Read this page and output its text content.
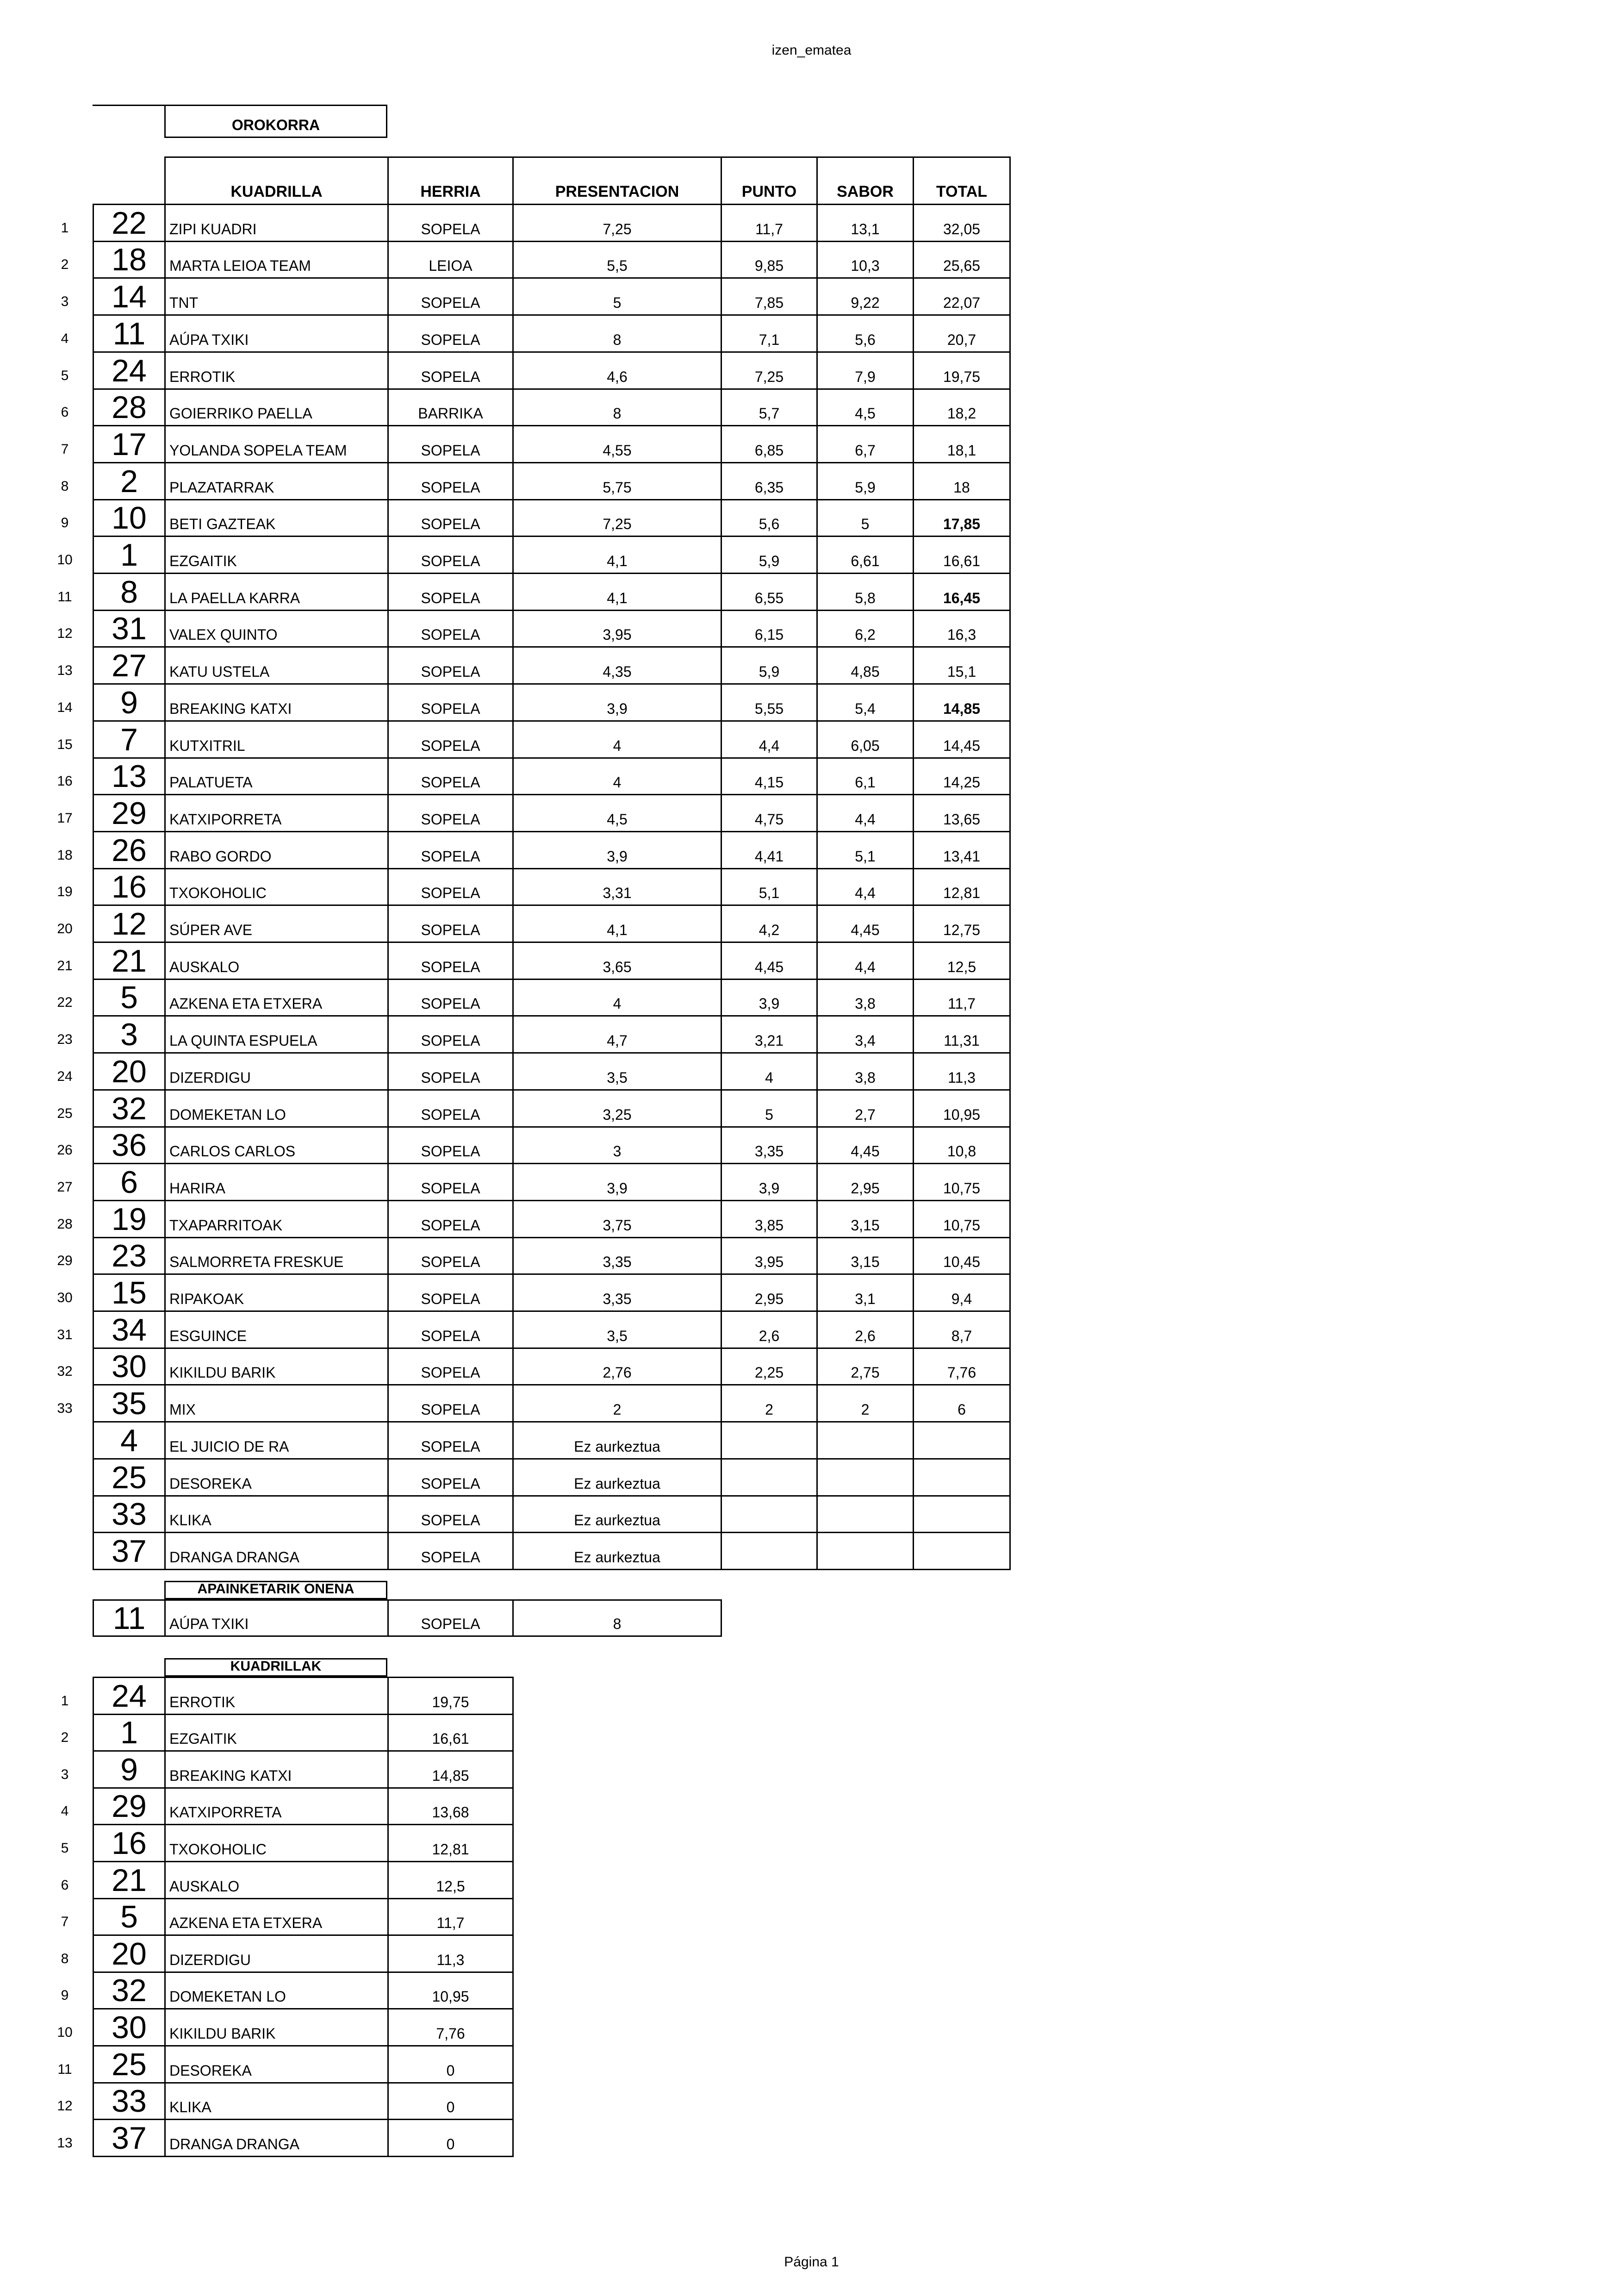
izen_ematea
OROKORRA
KUADRILLA	HERRIA	PRESENTACION	PUNTO	SABOR	TOTAL
1	22	ZIPI KUADRI	SOPELA	7,25	11,7	13,1	32,05
2	18	MARTA LEIOA TEAM	LEIOA	5,5	9,85	10,3	25,65
3	14	TNT	SOPELA	5	7,85	9,22	22,07
4	11	AÚPA TXIKI	SOPELA	8	7,1	5,6	20,7
5	24	ERROTIK	SOPELA	4,6	7,25	7,9	19,75
6	28	GOIERRIKO PAELLA	BARRIKA	8	5,7	4,5	18,2
7	17	YOLANDA SOPELA TEAM	SOPELA	4,55	6,85	6,7	18,1
8	2	PLAZATARRAK	SOPELA	5,75	6,35	5,9	18
9	10	BETI GAZTEAK	SOPELA	7,25	5,6	5	17,85
10	1	EZGAITIK	SOPELA	4,1	5,9	6,61	16,61
11	8	LA PAELLA KARRA	SOPELA	4,1	6,55	5,8	16,45
12	31	VALEX QUINTO	SOPELA	3,95	6,15	6,2	16,3
13	27	KATU USTELA	SOPELA	4,35	5,9	4,85	15,1
14	9	BREAKING KATXI	SOPELA	3,9	5,55	5,4	14,85
15	7	KUTXITRIL	SOPELA	4	4,4	6,05	14,45
16	13	PALATUETA	SOPELA	4	4,15	6,1	14,25
17	29	KATXIPORRETA	SOPELA	4,5	4,75	4,4	13,65
18	26	RABO GORDO	SOPELA	3,9	4,41	5,1	13,41
19	16	TXOKOHOLIC	SOPELA	3,31	5,1	4,4	12,81
20	12	SÚPER AVE	SOPELA	4,1	4,2	4,45	12,75
21	21	AUSKALO	SOPELA	3,65	4,45	4,4	12,5
22	5	AZKENA ETA ETXERA	SOPELA	4	3,9	3,8	11,7
23	3	LA QUINTA ESPUELA	SOPELA	4,7	3,21	3,4	11,31
24	20	DIZERDIGU	SOPELA	3,5	4	3,8	11,3
25	32	DOMEKETAN LO	SOPELA	3,25	5	2,7	10,95
26	36	CARLOS CARLOS	SOPELA	3	3,35	4,45	10,8
27	6	HARIRA	SOPELA	3,9	3,9	2,95	10,75
28	19	TXAPARRITOAK	SOPELA	3,75	3,85	3,15	10,75
29	23	SALMORRETA FRESKUE	SOPELA	3,35	3,95	3,15	10,45
30	15	RIPAKOAK	SOPELA	3,35	2,95	3,1	9,4
31	34	ESGUINCE	SOPELA	3,5	2,6	2,6	8,7
32	30	KIKILDU BARIK	SOPELA	2,76	2,25	2,75	7,76
33	35	MIX	SOPELA	2	2	2	6
4	EL JUICIO DE RA	SOPELA	Ez aurkeztua
25	DESOREKA	SOPELA	Ez aurkeztua
33	KLIKA	SOPELA	Ez aurkeztua
37	DRANGA DRANGA	SOPELA	Ez aurkeztua
APAINKETARIK ONENA
11	AÚPA TXIKI	SOPELA	8
KUADRILLAK
1	24	ERROTIK	19,75
2	1	EZGAITIK	16,61
3	9	BREAKING KATXI	14,85
4	29	KATXIPORRETA	13,68
5	16	TXOKOHOLIC	12,81
6	21	AUSKALO	12,5
7	5	AZKENA ETA ETXERA	11,7
8	20	DIZERDIGU	11,3
9	32	DOMEKETAN LO	10,95
10	30	KIKILDU BARIK	7,76
11	25	DESOREKA	0
12	33	KLIKA	0
13	37	DRANGA DRANGA	0
Página 1
